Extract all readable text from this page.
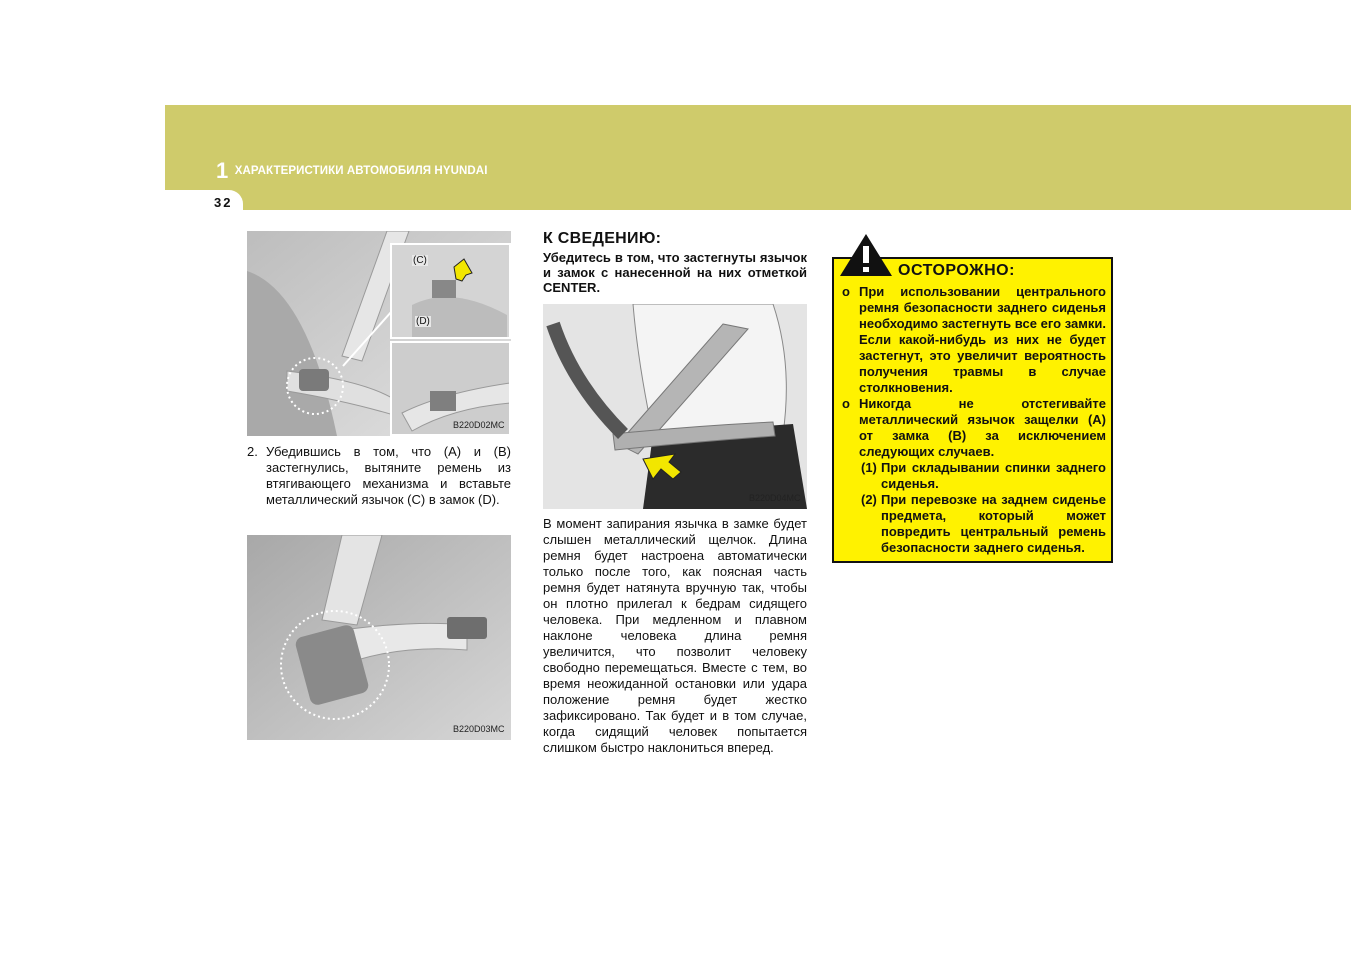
1 ХАРАКТЕРИСТИКИ АВТОМОБИЛЯ HYUNDAI
32
(C)
(D)
B220D02MC
2. Убедившись в том, что (A) и (B) застегнулись, вытяните ремень из втягивающего механизма и вставьте металлический язычок (C) в замок (D).
B220D03MC
К СВЕДЕНИЮ:
Убедитесь в том, что застегнуты язычок и замок с нанесенной на них отметкой CENTER.
B220D04MC
В момент запирания язычка в замке будет слышен металлический щелчок. Длина ремня будет настроена автоматически только после того, как поясная часть ремня будет натянута вручную так, чтобы он плотно прилегал к бедрам сидящего человека. При медленном и плавном наклоне человека длина ремня увеличится, что позволит человеку свободно перемещаться. Вместе с тем, во время неожиданной остановки или удара положение ремня будет жестко зафиксировано. Так будет и в том случае, когда сидящий человек попытается слишком быстро наклониться вперед.
ОСТОРОЖНО:
o При использовании центрального ремня безопасности заднего сиденья необходимо застегнуть все его замки. Если какой-нибудь из них не будет застегнут, это увеличит вероятность получения травмы в случае столкновения.
o Никогда не отстегивайте металлический язычок защелки (A) от замка (B) за исключением следующих случаев.
(1) При складывании спинки заднего сиденья.
(2) При перевозке на заднем сиденье предмета, который может повредить центральный ремень безопасности заднего сиденья.
